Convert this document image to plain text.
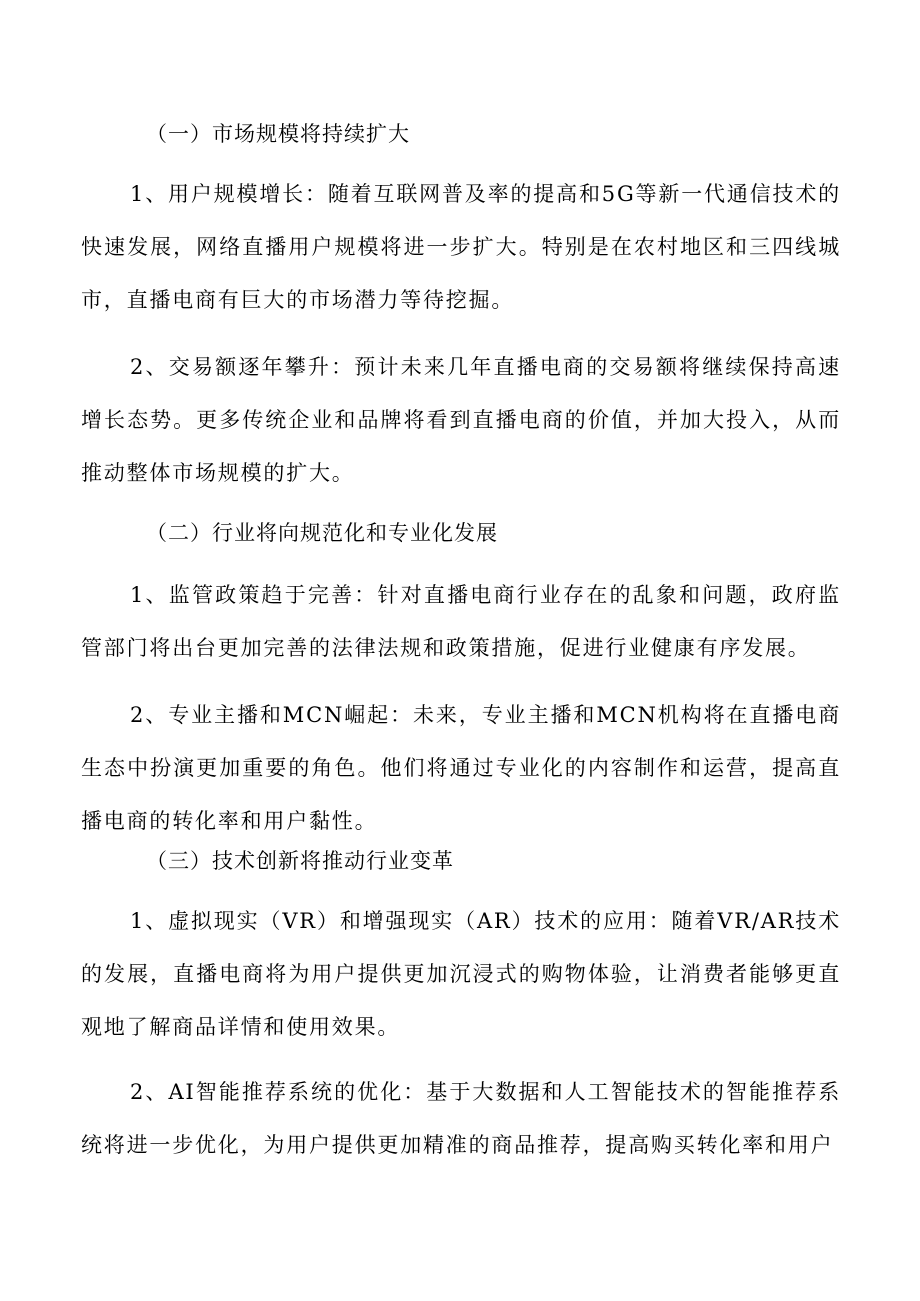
（一）市场规模将持续扩大

1、用户规模增长：随着互联网普及率的提高和5G等新一代通信技术的快速发展，网络直播用户规模将进一步扩大。特别是在农村地区和三四线城市，直播电商有巨大的市场潜力等待挖掘。

2、交易额逐年攀升：预计未来几年直播电商的交易额将继续保持高速增长态势。更多传统企业和品牌将看到直播电商的价值，并加大投入，从而推动整体市场规模的扩大。

（二）行业将向规范化和专业化发展

1、监管政策趋于完善：针对直播电商行业存在的乱象和问题，政府监管部门将出台更加完善的法律法规和政策措施，促进行业健康有序发展。

2、专业主播和MCN崛起：未来，专业主播和MCN机构将在直播电商生态中扮演更加重要的角色。他们将通过专业化的内容制作和运营，提高直播电商的转化率和用户黏性。

（三）技术创新将推动行业变革

1、虚拟现实（VR）和增强现实（AR）技术的应用：随着VR/AR技术的发展，直播电商将为用户提供更加沉浸式的购物体验，让消费者能够更直观地了解商品详情和使用效果。

2、AI智能推荐系统的优化：基于大数据和人工智能技术的智能推荐系统将进一步优化，为用户提供更加精准的商品推荐，提高购买转化率和用户
